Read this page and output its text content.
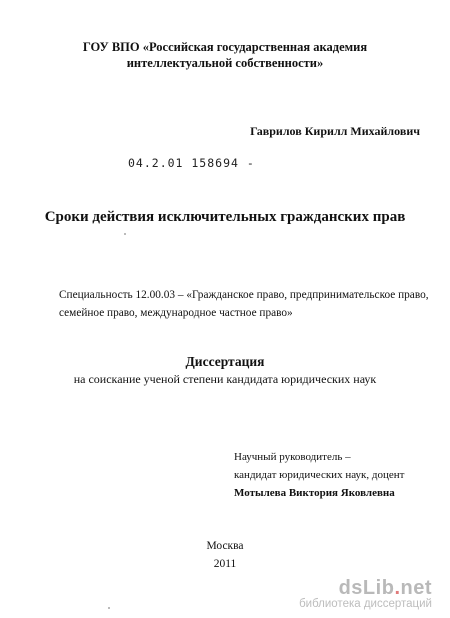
ГОУ ВПО «Российская государственная академия
интеллектуальной собственности»
Гаврилов Кирилл Михайлович
04.2.01 158694 -
Сроки действия исключительных гражданских прав
Специальность 12.00.03 – «Гражданское право, предпринимательское право,
семейное право, международное частное право»
Диссертация
на соискание ученой степени кандидата юридических наук
Научный руководитель –
кандидат юридических наук, доцент
Мотылева Виктория Яковлевна
Москва
2011
dsLib.net
библиотека диссертаций
